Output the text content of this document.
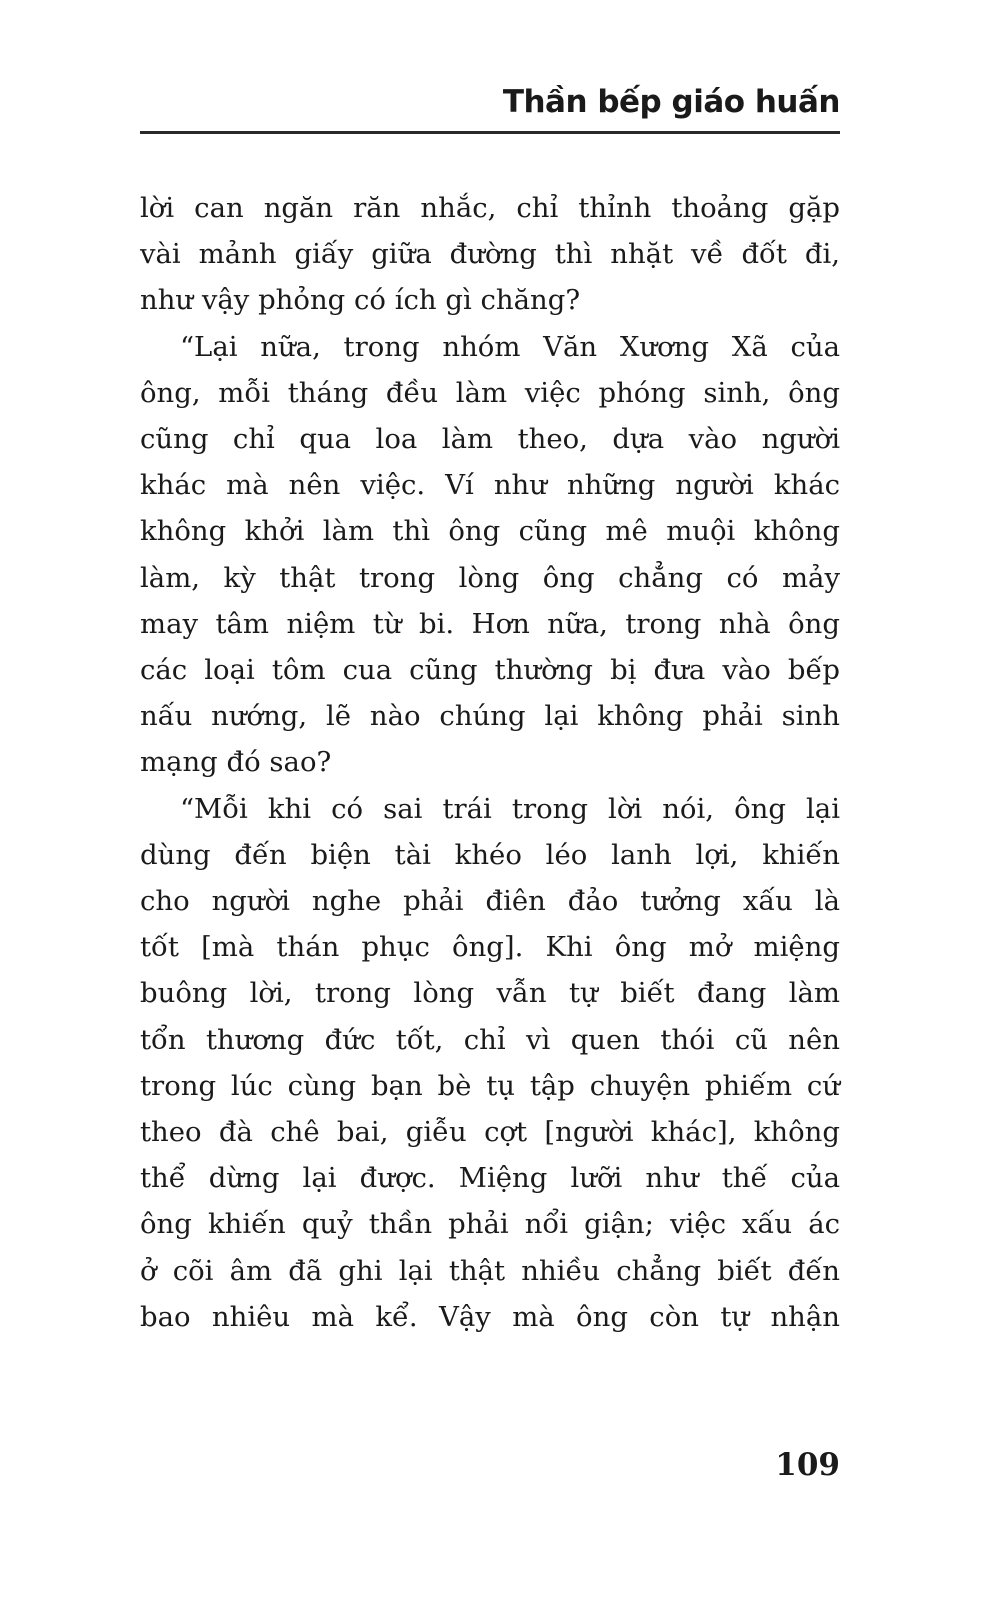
Thần bếp giáo huấn
lời can ngăn răn nhắc, chỉ thỉnh thoảng gặp
vài mảnh giấy giữa đường thì nhặt về đốt đi,
như vậy phỏng có ích gì chăng?
“Lại nữa, trong nhóm Văn Xương Xã của
ông, mỗi tháng đều làm việc phóng sinh, ông
cũng chỉ qua loa làm theo, dựa vào người
khác mà nên việc. Ví như những người khác
không khởi làm thì ông cũng mê muội không
làm, kỳ thật trong lòng ông chẳng có mảy
may tâm niệm từ bi. Hơn nữa, trong nhà ông
các loại tôm cua cũng thường bị đưa vào bếp
nấu nướng, lẽ nào chúng lại không phải sinh
mạng đó sao?
“Mỗi khi có sai trái trong lời nói, ông lại
dùng đến biện tài khéo léo lanh lợi, khiến
cho người nghe phải điên đảo tưởng xấu là
tốt [mà thán phục ông]. Khi ông mở miệng
buông lời, trong lòng vẫn tự biết đang làm
tổn thương đức tốt, chỉ vì quen thói cũ nên
trong lúc cùng bạn bè tụ tập chuyện phiếm cứ
theo đà chê bai, giễu cợt [người khác], không
thể dừng lại được. Miệng lưỡi như thế của
ông khiến quỷ thần phải nổi giận; việc xấu ác
ở cõi âm đã ghi lại thật nhiều chẳng biết đến
bao nhiêu mà kể. Vậy mà ông còn tự nhận
109
